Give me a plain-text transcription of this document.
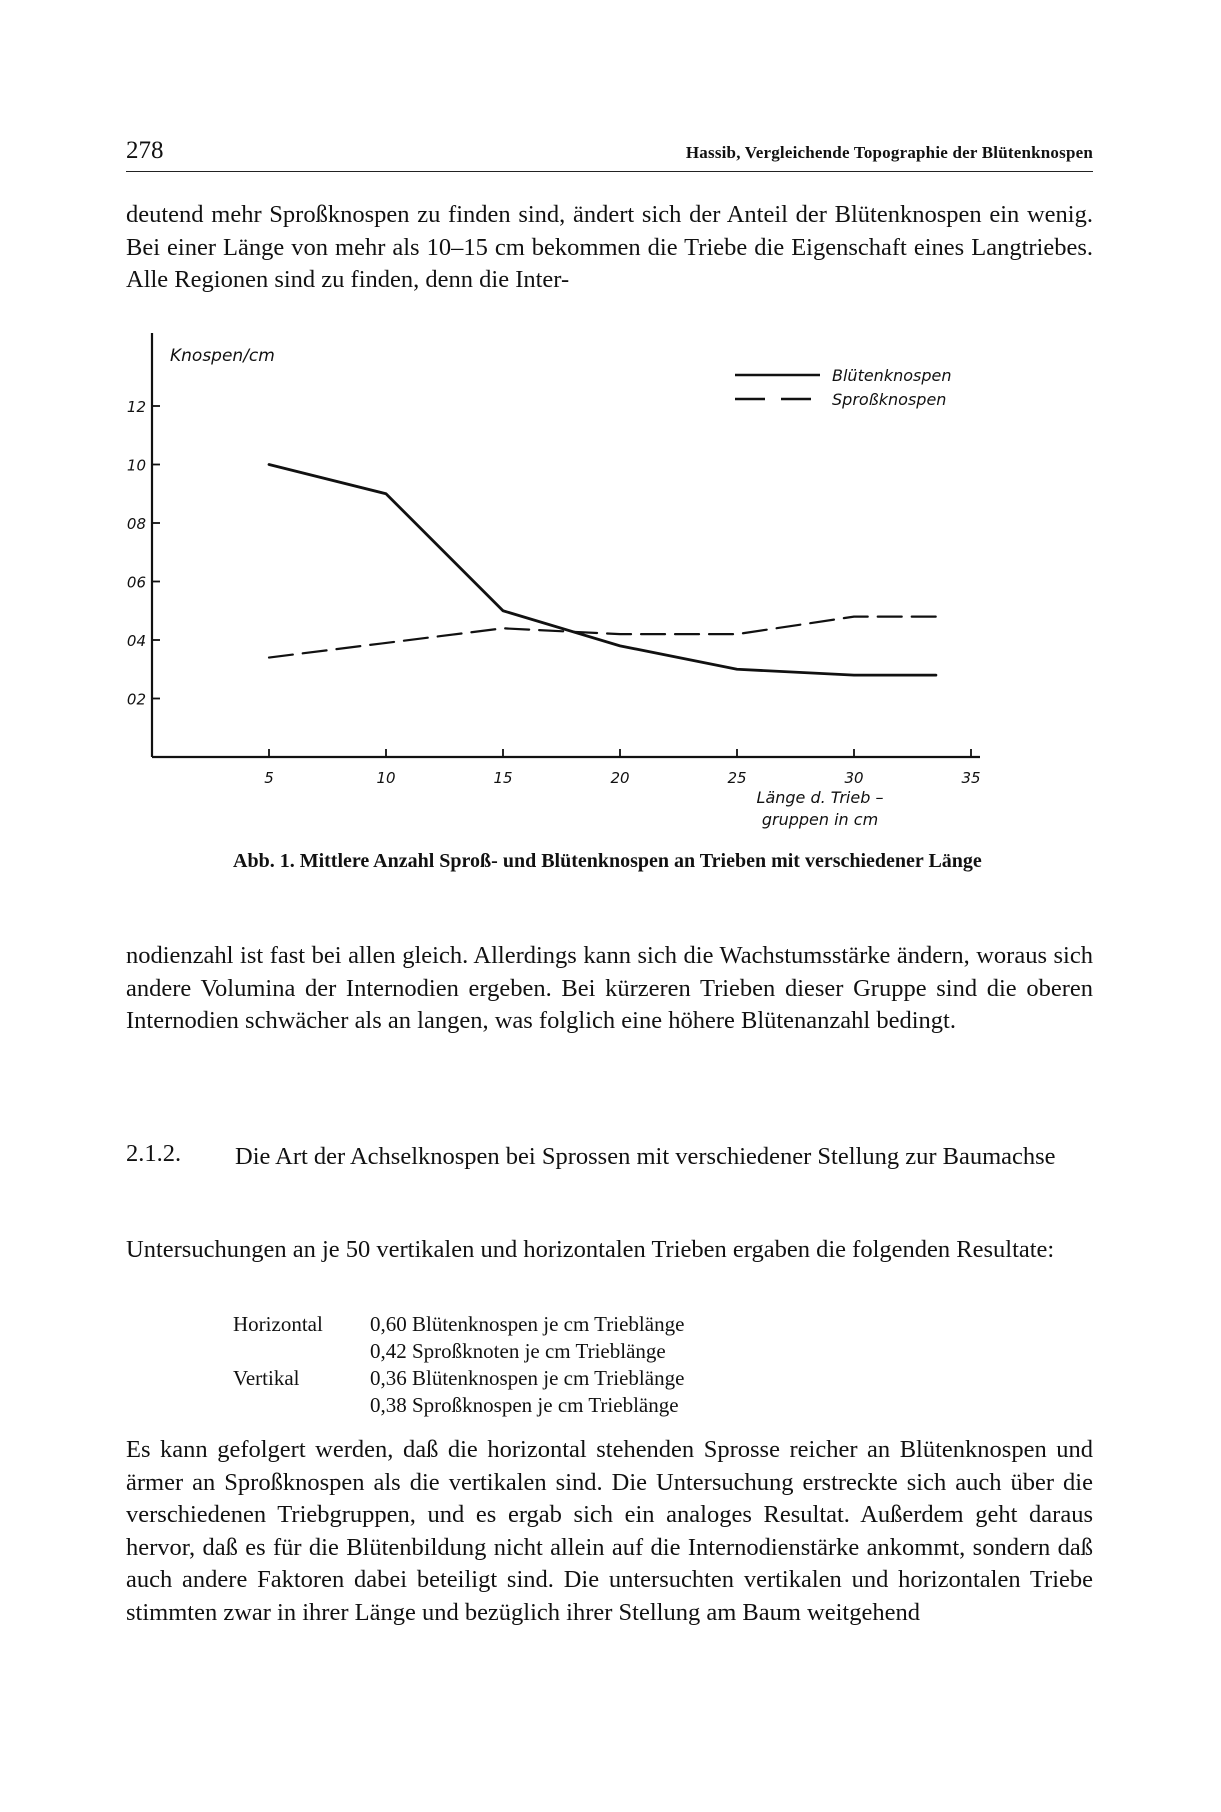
278	Hassib, Vergleichende Topographie der Blütenknospen

deutend mehr Sproßknospen zu finden sind, ändert sich der Anteil der Blütenknospen ein wenig. Bei einer Länge von mehr als 10–15 cm bekommen die Triebe die Eigenschaft eines Langtriebes. Alle Regionen sind zu finden, denn die Inter-

12
10
08
06
04
02
5	10	15	20	25	30	35
Knospen/cm
Länge d. Trieb –
gruppen in cm
Blütenknospen
Sproßknospen

Abb. 1. Mittlere Anzahl Sproß- und Blütenknospen an Trieben mit verschiedener Länge

nodienzahl ist fast bei allen gleich. Allerdings kann sich die Wachstumsstärke ändern, woraus sich andere Volumina der Internodien ergeben. Bei kürzeren Trieben dieser Gruppe sind die oberen Internodien schwächer als an langen, was folglich eine höhere Blütenanzahl bedingt.

2.1.2. Die Art der Achselknospen bei Sprossen mit verschiedener Stellung zur Baumachse

Untersuchungen an je 50 vertikalen und horizontalen Trieben ergaben die folgenden Resultate:

Horizontal 0,60 Blütenknospen je cm Trieblänge
0,42 Sproßknoten je cm Trieblänge
Vertikal	0,36 Blütenknospen je cm Trieblänge
0,38 Sproßknospen je cm Trieblänge

Es kann gefolgert werden, daß die horizontal stehenden Sprosse reicher an Blütenknospen und ärmer an Sproßknospen als die vertikalen sind. Die Untersuchung erstreckte sich auch über die verschiedenen Triebgruppen, und es ergab sich ein analoges Resultat. Außerdem geht daraus hervor, daß es für die Blütenbildung nicht allein auf die Internodienstärke ankommt, sondern daß auch andere Faktoren dabei beteiligt sind. Die untersuchten vertikalen und horizontalen Triebe stimmten zwar in ihrer Länge und bezüglich ihrer Stellung am Baum weitgehend
